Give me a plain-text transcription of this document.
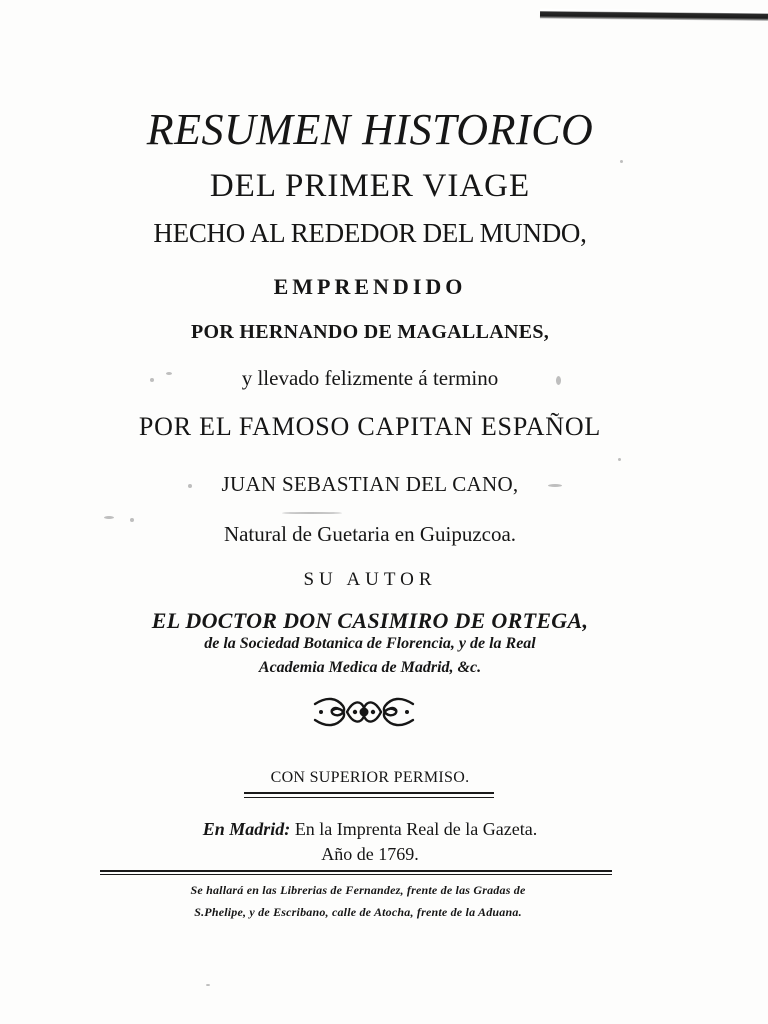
RESUMEN HISTORICO
DEL PRIMER VIAGE
HECHO AL REDEDOR DEL MUNDO,
EMPRENDIDO
POR HERNANDO DE MAGALLANES,
y llevado felizmente á termino
POR EL FAMOSO CAPITAN ESPAÑOL
JUAN SEBASTIAN DEL CANO,
Natural de Guetaria en Guipuzcoa.
SU AUTOR
EL DOCTOR DON CASIMIRO DE ORTEGA,
de la Sociedad Botanica de Florencia, y de la Real
Academia Medica de Madrid, &c.
CON SUPERIOR PERMISO.
En Madrid: En la Imprenta Real de la Gazeta.
Año de 1769.
Se hallará en las Librerias de Fernandez, frente de las Gradas de
S.Phelipe, y de Escribano, calle de Atocha, frente de la Aduana.
